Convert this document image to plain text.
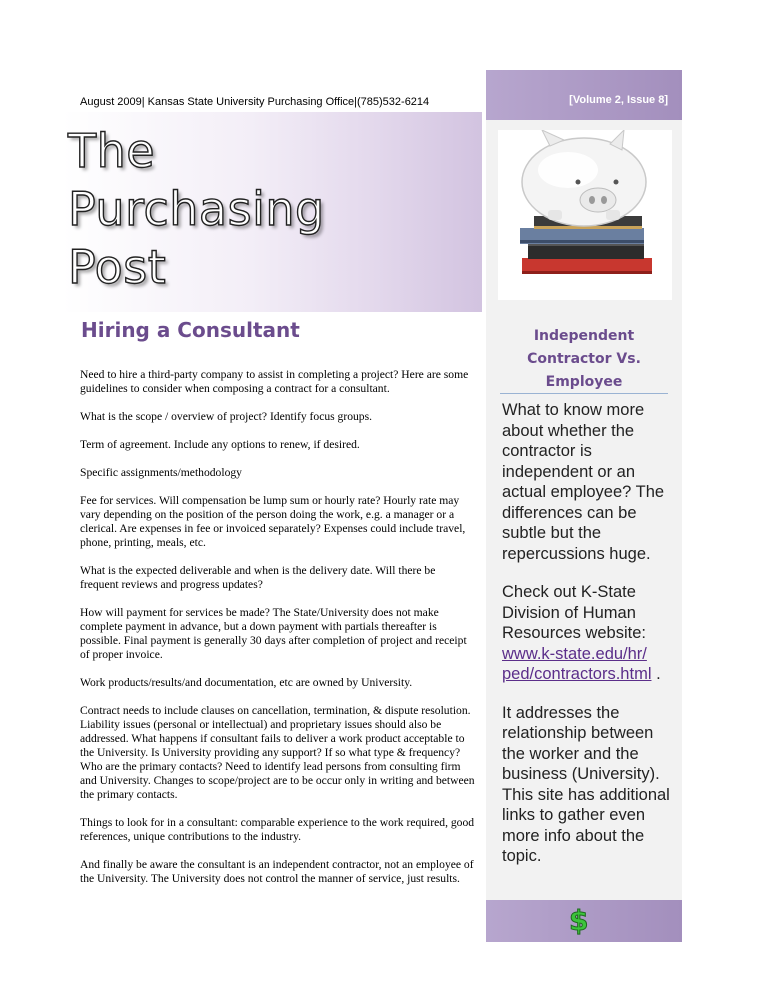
August 2009| Kansas State University Purchasing Office|(785)532-6214
The
Purchasing
Post
Hiring a Consultant

Need to hire a third-party company to assist in completing a project? Here are some guidelines to consider when composing a contract for a consultant.

What is the scope / overview of project? Identify focus groups.

Term of agreement. Include any options to renew, if desired.

Specific assignments/methodology

Fee for services. Will compensation be lump sum or hourly rate? Hourly rate may vary depending on the position of the person doing the work, e.g. a manager or a clerical. Are expenses in fee or invoiced separately? Expenses could include travel, phone, printing, meals, etc.

What is the expected deliverable and when is the delivery date. Will there be frequent reviews and progress updates?

How will payment for services be made? The State/University does not make complete payment in advance, but a down payment with partials thereafter is possible. Final payment is generally 30 days after completion of project and receipt of proper invoice.

Work products/results/and documentation, etc are owned by University.

Contract needs to include clauses on cancellation, termination, & dispute resolution. Liability issues (personal or intellectual) and proprietary issues should also be addressed. What happens if consultant fails to deliver a work product acceptable to the University. Is University providing any support? If so what type & frequency? Who are the primary contacts? Need to identify lead persons from consulting firm and University. Changes to scope/project are to be occur only in writing and between the primary contacts.

Things to look for in a consultant: comparable experience to the work required, good references, unique contributions to the industry.

And finally be aware the consultant is an independent contractor, not an employee of the University. The University does not control the manner of service, just results.

[Volume 2, Issue 8]
Independent
Contractor Vs.
Employee

What to know more about whether the contractor is independent or an actual employee? The differences can be subtle but the repercussions huge.

Check out K-State Division of Human Resources website: www.k-state.edu/hr/
ped/contractors.html .

It addresses the relationship between the worker and the business (University). This site has additional links to gather even more info about the topic.

$
